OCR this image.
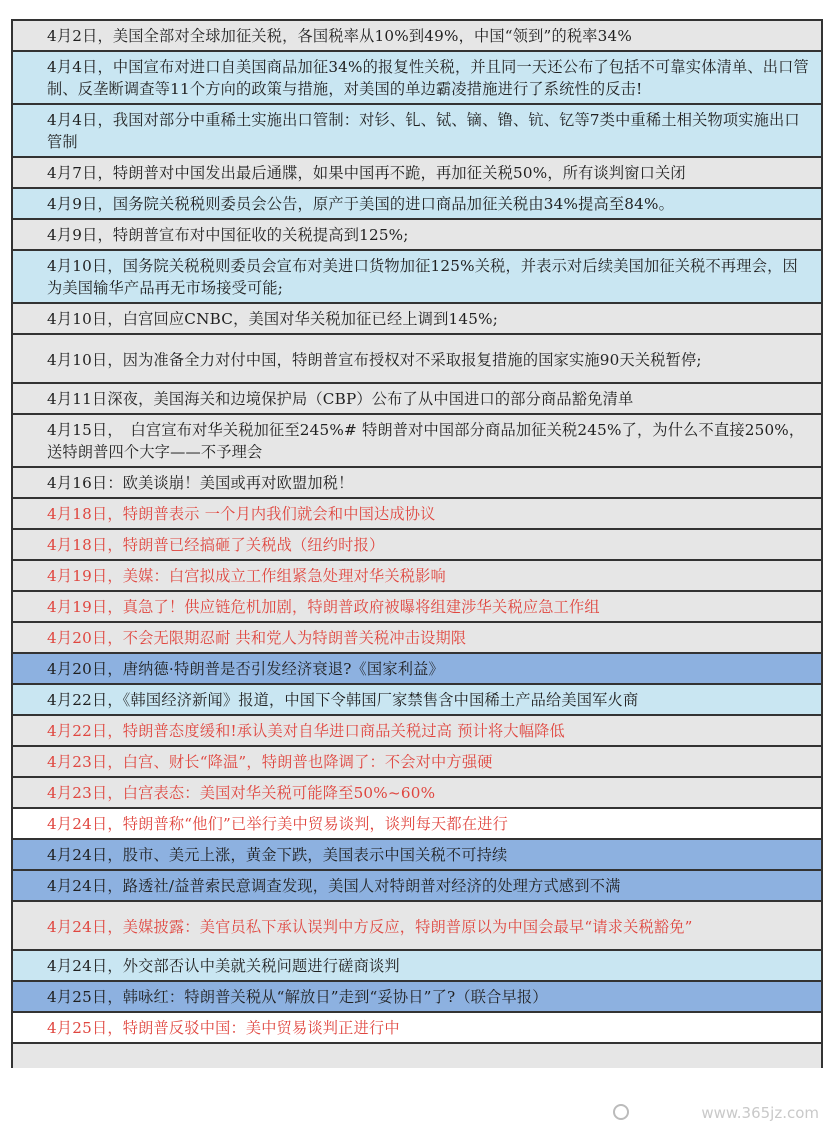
4月2日，美国全部对全球加征关税，各国税率从10%到49%，中国“领到”的税率34%
4月4日，中国宣布对进口自美国商品加征34%的报复性关税，并且同一天还公布了包括不可靠实体清单、出口管制、反垄断调查等11个方向的政策与措施，对美国的单边霸凌措施进行了系统性的反击!
4月4日，我国对部分中重稀土实施出口管制：对钐、钆、铽、镝、镥、钪、钇等7类中重稀土相关物项实施出口管制
4月7日，特朗普对中国发出最后通牒，如果中国再不跪，再加征关税50%，所有谈判窗口关闭
4月9日，国务院关税税则委员会公告，原产于美国的进口商品加征关税由34%提高至84%。
4月9日，特朗普宣布对中国征收的关税提高到125%;
4月10日，国务院关税税则委员会宣布对美进口货物加征125%关税，并表示对后续美国加征关税不再理会，因为美国输华产品再无市场接受可能;
4月10日，白宫回应CNBC，美国对华关税加征已经上调到145%;
4月10日，因为准备全力对付中国，特朗普宣布授权对不采取报复措施的国家实施90天关税暂停;
4月11日深夜，美国海关和边境保护局（CBP）公布了从中国进口的部分商品豁免清单
4月15日，　白宫宣布对华关税加征至245%# 特朗普对中国部分商品加征关税245%了，为什么不直接250%，送特朗普四个大字——不予理会
4月16日：欧美谈崩！美国或再对欧盟加税！
4月18日，特朗普表示 一个月内我们就会和中国达成协议
4月18日，特朗普已经搞砸了关税战（纽约时报）
4月19日，美媒：白宫拟成立工作组紧急处理对华关税影响
4月19日，真急了！供应链危机加剧，特朗普政府被曝将组建涉华关税应急工作组
4月20日，不会无限期忍耐 共和党人为特朗普关税冲击设期限
4月20日，唐纳德·特朗普是否引发经济衰退?《国家利益》
4月22日，《韩国经济新闻》报道，中国下令韩国厂家禁售含中国稀土产品给美国军火商
4月22日，特朗普态度缓和!承认美对自华进口商品关税过高 预计将大幅降低
4月23日，白宫、财长“降温”，特朗普也降调了：不会对中方强硬
4月23日，白宫表态：美国对华关税可能降至50%~60%
4月24日，特朗普称“他们”已举行美中贸易谈判，谈判每天都在进行
4月24日，股市、美元上涨，黄金下跌，美国表示中国关税不可持续
4月24日，路透社/益普索民意调查发现，美国人对特朗普对经济的处理方式感到不满
4月24日，美媒披露：美官员私下承认误判中方反应，特朗普原以为中国会最早“请求关税豁免”
4月24日，外交部否认中美就关税问题进行磋商谈判
4月25日，韩咏红：特朗普关税从“解放日”走到“妥协日”了?（联合早报）
4月25日，特朗普反驳中国：美中贸易谈判正进行中
www.365jz.com
